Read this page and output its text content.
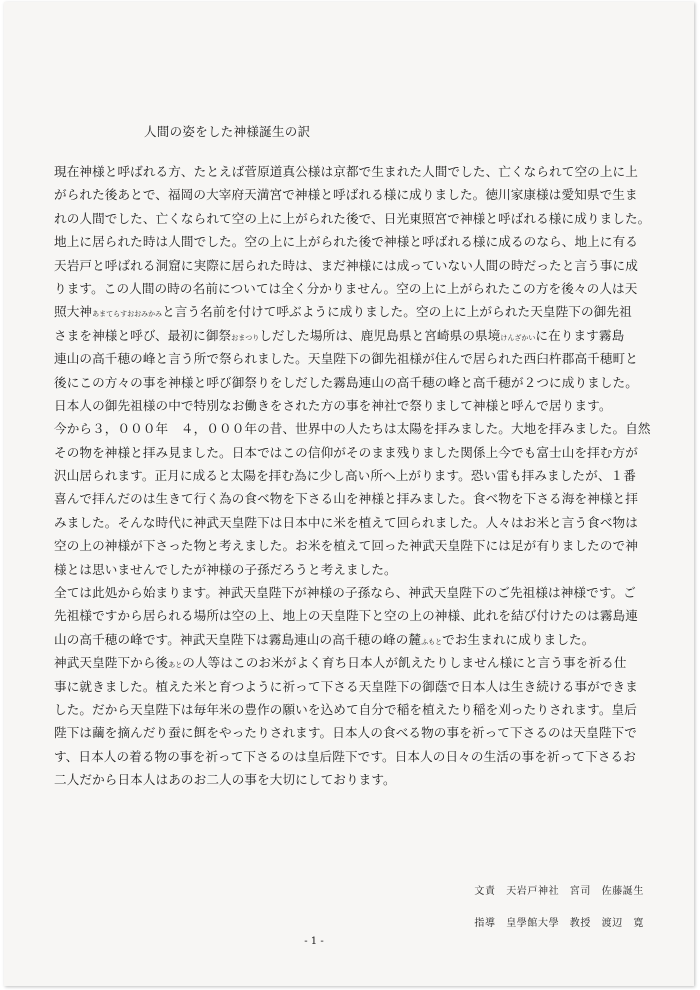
人間の姿をした神様誕生の訳
現在神様と呼ばれる方、たとえば菅原道真公様は京都で生まれた人間でした、亡くなられて空の上に上
がられた後あとで、福岡の大宰府天満宮で神様と呼ばれる様に成りました。徳川家康様は愛知県で生ま
れの人間でした、亡くなられて空の上に上がられた後で、日光東照宮で神様と呼ばれる様に成りました。
地上に居られた時は人間でした。空の上に上がられた後で神様と呼ばれる様に成るのなら、地上に有る
天岩戸と呼ばれる洞窟に実際に居られた時は、まだ神様には成っていない人間の時だったと言う事に成
ります。この人間の時の名前については全く分かりません。空の上に上がられたこの方を後々の人は天
照大神あまてらすおおみかみと言う名前を付けて呼ぶように成りました。空の上に上がられた天皇陛下の御先祖
さまを神様と呼び、最初に御祭おまつりしだした場所は、鹿児島県と宮崎県の県境けんざかいに在ります霧島
連山の高千穂の峰と言う所で祭られました。天皇陛下の御先祖様が住んで居られた西臼杵郡高千穂町と
後にこの方々の事を神様と呼び御祭りをしだした霧島連山の高千穂の峰と高千穂が２つに成りました。
日本人の御先祖様の中で特別なお働きをされた方の事を神社で祭りまして神様と呼んで居ります。
今から３，０００年　４，０００年の昔、世界中の人たちは太陽を拝みました。大地を拝みました。自然
その物を神様と拝み見ました。日本ではこの信仰がそのまま残りました関係上今でも富士山を拝む方が
沢山居られます。正月に成ると太陽を拝む為に少し高い所へ上がります。恐い雷も拝みましたが、１番
喜んで拝んだのは生きて行く為の食べ物を下さる山を神様と拝みました。食べ物を下さる海を神様と拝
みました。そんな時代に神武天皇陛下は日本中に米を植えて回られました。人々はお米と言う食べ物は
空の上の神様が下さった物と考えました。お米を植えて回った神武天皇陛下には足が有りましたので神
様とは思いませんでしたが神様の子孫だろうと考えました。
全ては此処から始まります。神武天皇陛下が神様の子孫なら、神武天皇陛下のご先祖様は神様です。ご
先祖様ですから居られる場所は空の上、地上の天皇陛下と空の上の神様、此れを結び付けたのは霧島連
山の高千穂の峰です。神武天皇陛下は霧島連山の高千穂の峰の麓ふもとでお生まれに成りました。
神武天皇陛下から後あとの人等はこのお米がよく育ち日本人が飢えたりしません様にと言う事を祈る仕
事に就きました。植えた米と育つように祈って下さる天皇陛下の御蔭で日本人は生き続ける事ができま
した。だから天皇陛下は毎年米の豊作の願いを込めて自分で稲を植えたり稲を刈ったりされます。皇后
陛下は繭を摘んだり蚕に餌をやったりされます。日本人の食べる物の事を祈って下さるのは天皇陛下で
す、日本人の着る物の事を祈って下さるのは皇后陛下です。日本人の日々の生活の事を祈って下さるお
二人だから日本人はあのお二人の事を大切にしております。
文責　天岩戸神社　宮司　佐藤誕生
指導　皇學館大學　教授　渡辺　寛
- 1 -
